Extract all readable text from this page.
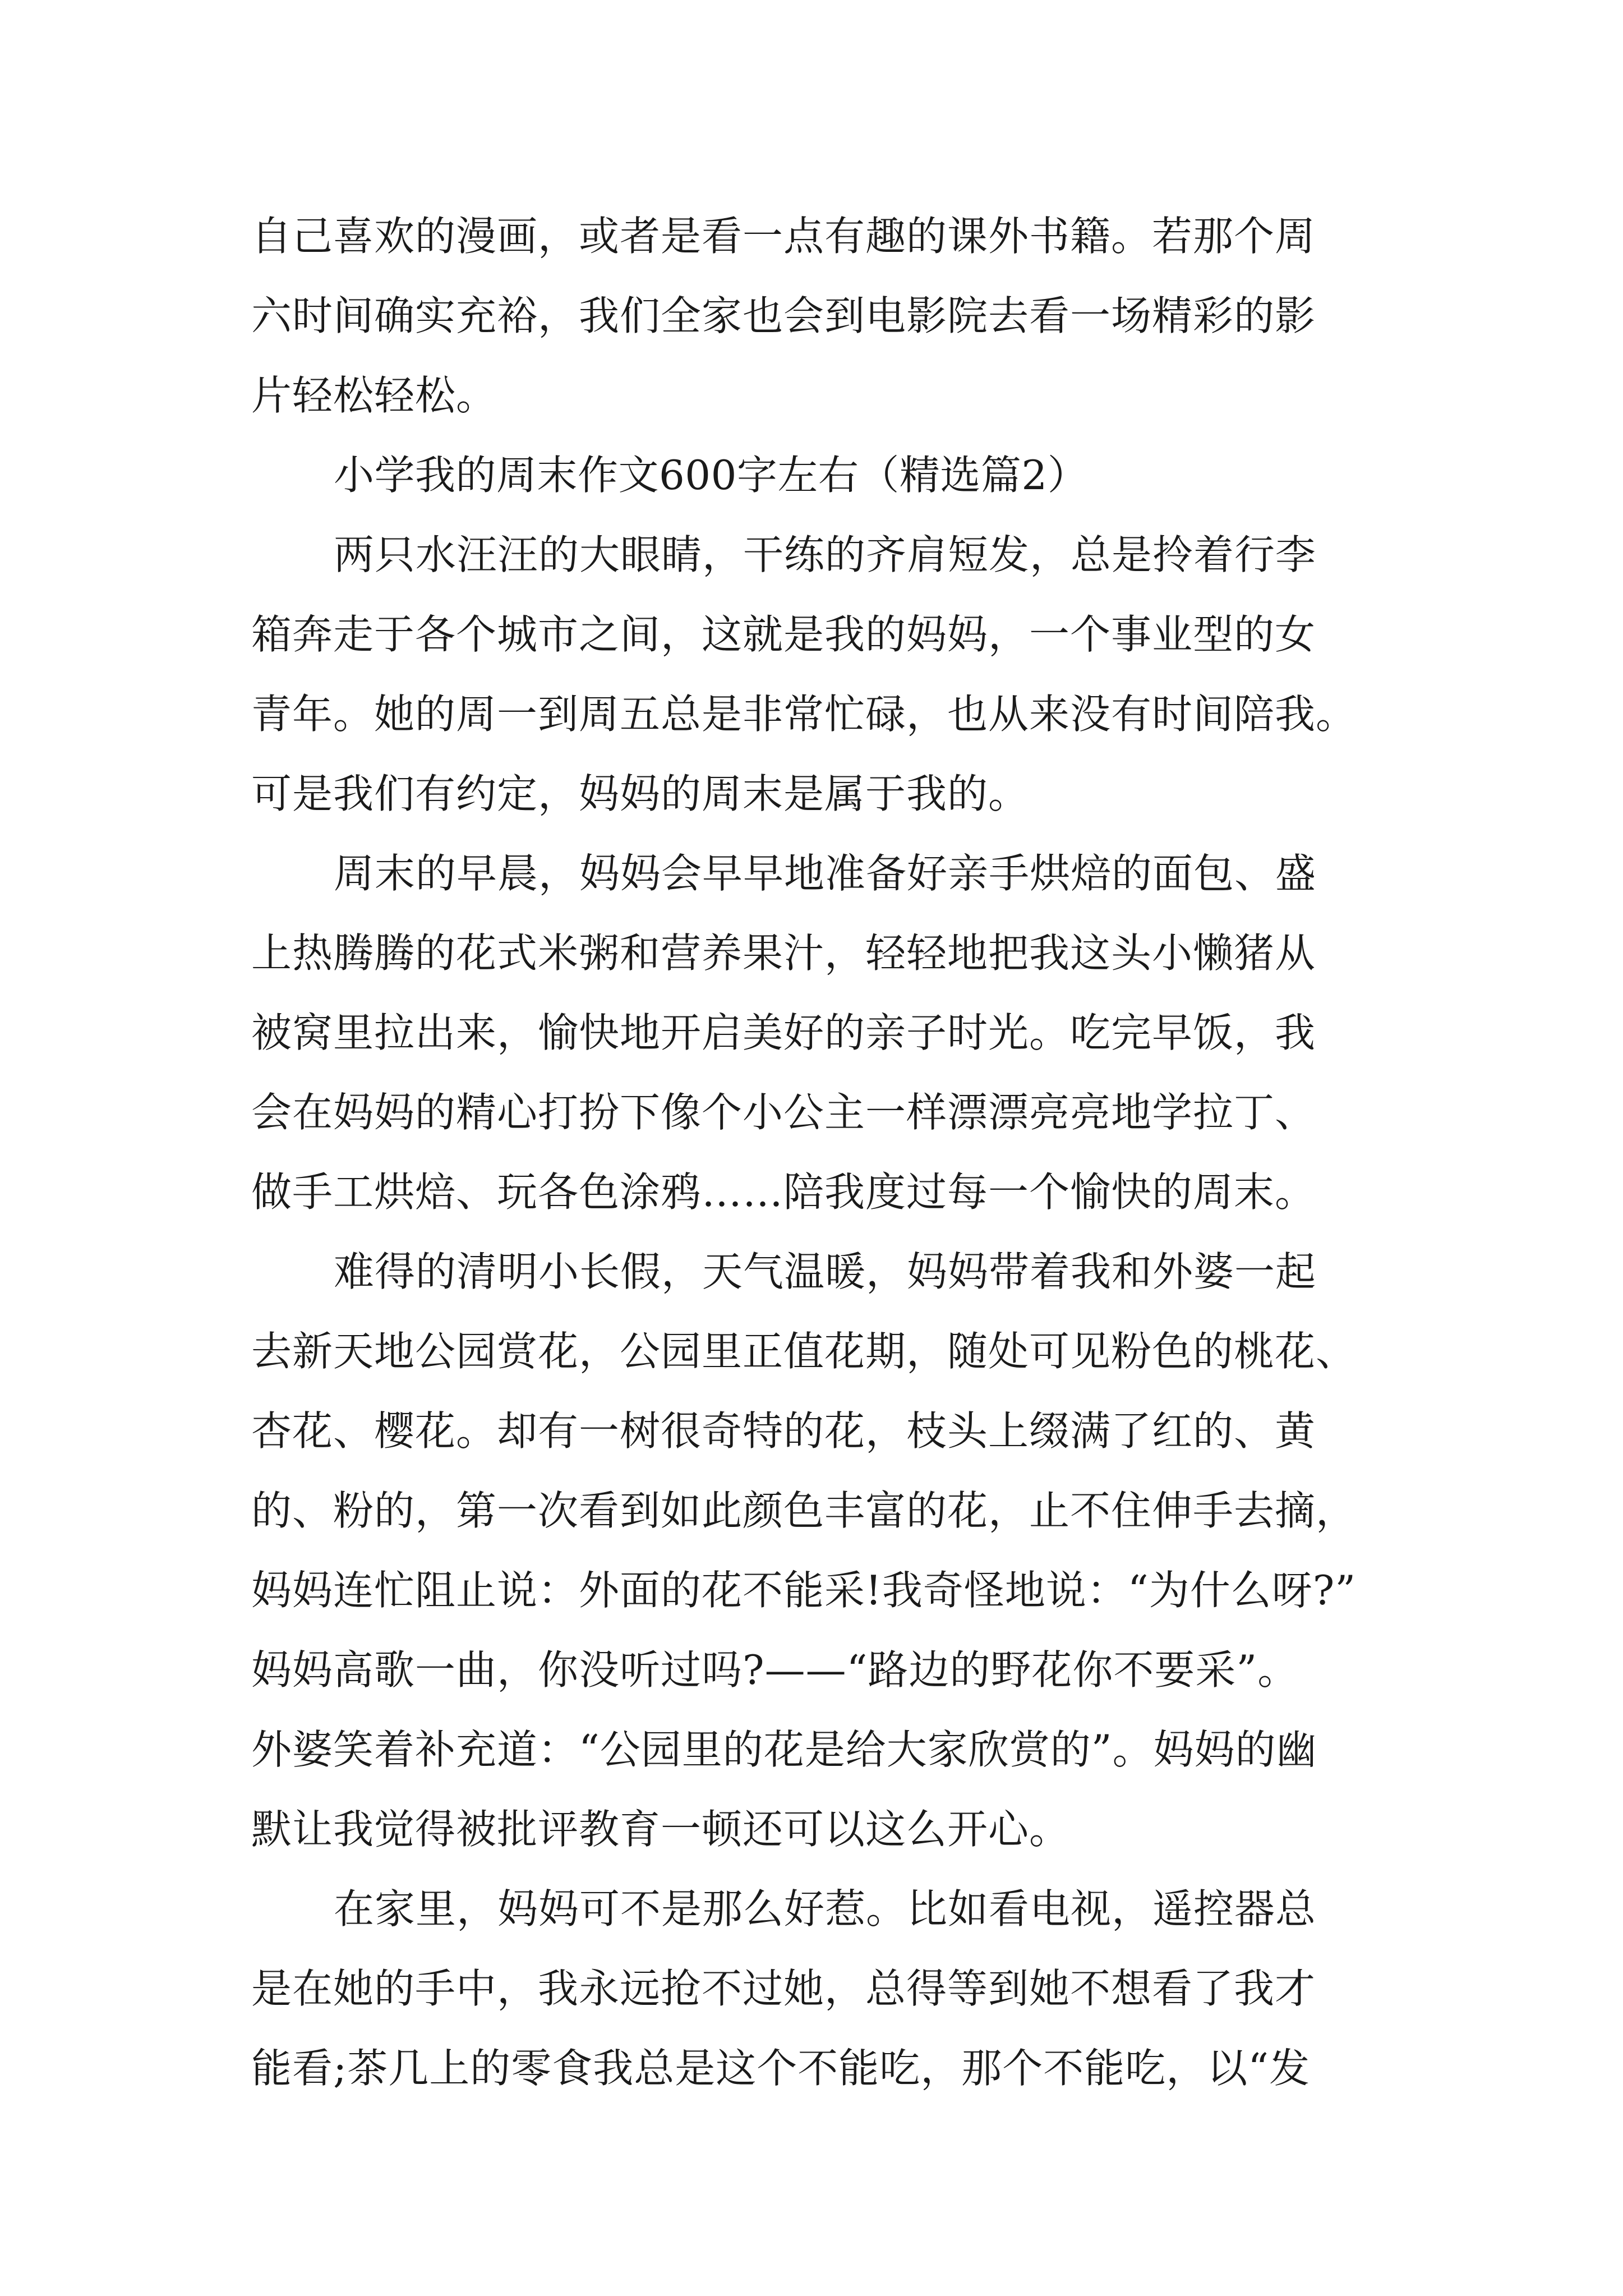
自己喜欢的漫画，或者是看一点有趣的课外书籍。若那个周
六时间确实充裕，我们全家也会到电影院去看一场精彩的影
片轻松轻松。
小学我的周末作文600字左右（精选篇2）
两只水汪汪的大眼睛，干练的齐肩短发，总是拎着行李
箱奔走于各个城市之间，这就是我的妈妈，一个事业型的女
青年。她的周一到周五总是非常忙碌，也从来没有时间陪我。
可是我们有约定，妈妈的周末是属于我的。
周末的早晨，妈妈会早早地准备好亲手烘焙的面包、盛
上热腾腾的花式米粥和营养果汁，轻轻地把我这头小懒猪从
被窝里拉出来，愉快地开启美好的亲子时光。吃完早饭，我
会在妈妈的精心打扮下像个小公主一样漂漂亮亮地学拉丁、
做手工烘焙、玩各色涂鸦……陪我度过每一个愉快的周末。
难得的清明小长假，天气温暖，妈妈带着我和外婆一起
去新天地公园赏花，公园里正值花期，随处可见粉色的桃花、
杏花、樱花。却有一树很奇特的花，枝头上缀满了红的、黄
的、粉的，第一次看到如此颜色丰富的花，止不住伸手去摘，
妈妈连忙阻止说：外面的花不能采!我奇怪地说：“为什么呀?”
妈妈高歌一曲，你没听过吗?——“路边的野花你不要采”。
外婆笑着补充道：“公园里的花是给大家欣赏的”。妈妈的幽
默让我觉得被批评教育一顿还可以这么开心。
在家里，妈妈可不是那么好惹。比如看电视，遥控器总
是在她的手中，我永远抢不过她，总得等到她不想看了我才
能看;茶几上的零食我总是这个不能吃，那个不能吃，以“发
